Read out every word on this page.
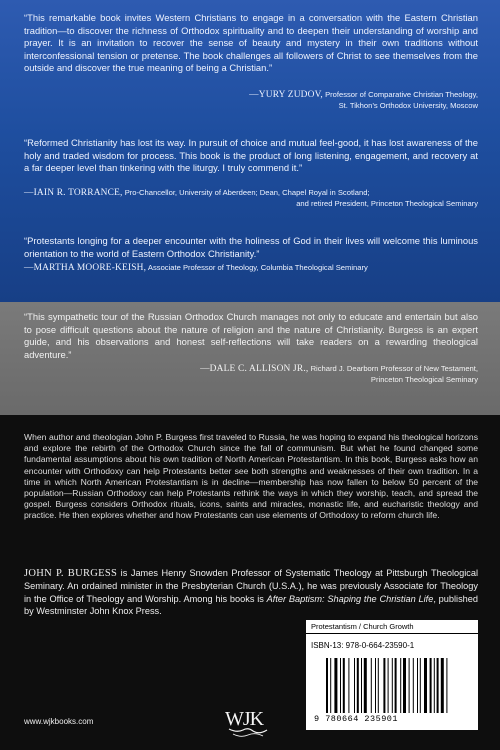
“This remarkable book invites Western Christians to engage in a conversation with the Eastern Christian tradition—to discover the richness of Orthodox spirituality and to deepen their understanding of worship and prayer. It is an invitation to recover the sense of beauty and mystery in their own traditions without interconfessional tension or pretense. The book challenges all followers of Christ to see themselves from the outside and discover the true meaning of being a Christian.”
—YURY ZUDOV, Professor of Comparative Christian Theology,
St. Tikhon’s Orthodox University, Moscow
“Reformed Christianity has lost its way. In pursuit of choice and mutual feel-good, it has lost awareness of the holy and traded wisdom for process. This book is the product of long listening, engagement, and recovery at a far deeper level than tinkering with the liturgy. I truly commend it.”
—IAIN R. TORRANCE, Pro-Chancellor, University of Aberdeen; Dean, Chapel Royal in Scotland;
and retired President, Princeton Theological Seminary
“Protestants longing for a deeper encounter with the holiness of God in their lives will welcome this luminous orientation to the world of Eastern Orthodox Christianity.”
—MARTHA MOORE-KEISH, Associate Professor of Theology, Columbia Theological Seminary
“This sympathetic tour of the Russian Orthodox Church manages not only to educate and entertain but also to pose difficult questions about the nature of religion and the nature of Christianity. Burgess is an expert guide, and his observations and honest self-reflections will take readers on a rewarding theological adventure.”
—DALE C. ALLISON JR., Richard J. Dearborn Professor of New Testament,
Princeton Theological Seminary
When author and theologian John P. Burgess first traveled to Russia, he was hoping to expand his theological horizons and explore the rebirth of the Orthodox Church since the fall of communism. But what he found changed some fundamental assumptions about his own tradition of North American Protestantism. In this book, Burgess asks how an encounter with Orthodoxy can help Protestants better see both strengths and weaknesses of their own tradition. In a time in which North American Protestantism is in decline—membership has now fallen to below 50 percent of the population—Russian Orthodoxy can help Protestants rethink the ways in which they worship, teach, and spread the gospel. Burgess considers Orthodox rituals, icons, saints and miracles, monastic life, and eucharistic theology and practice. He then explores whether and how Protestants can use elements of Orthodoxy to reform church life.
JOHN P. BURGESS is James Henry Snowden Professor of Systematic Theology at Pittsburgh Theological Seminary. An ordained minister in the Presbyterian Church (U.S.A.), he was previously Associate for Theology in the Office of Theology and Worship. Among his books is After Baptism: Shaping the Christian Life, published by Westminster John Knox Press.
Protestantism / Church Growth
ISBN-13: 978-0-664-23590-1
9 780664 235901
www.wjkbooks.com	WJK
